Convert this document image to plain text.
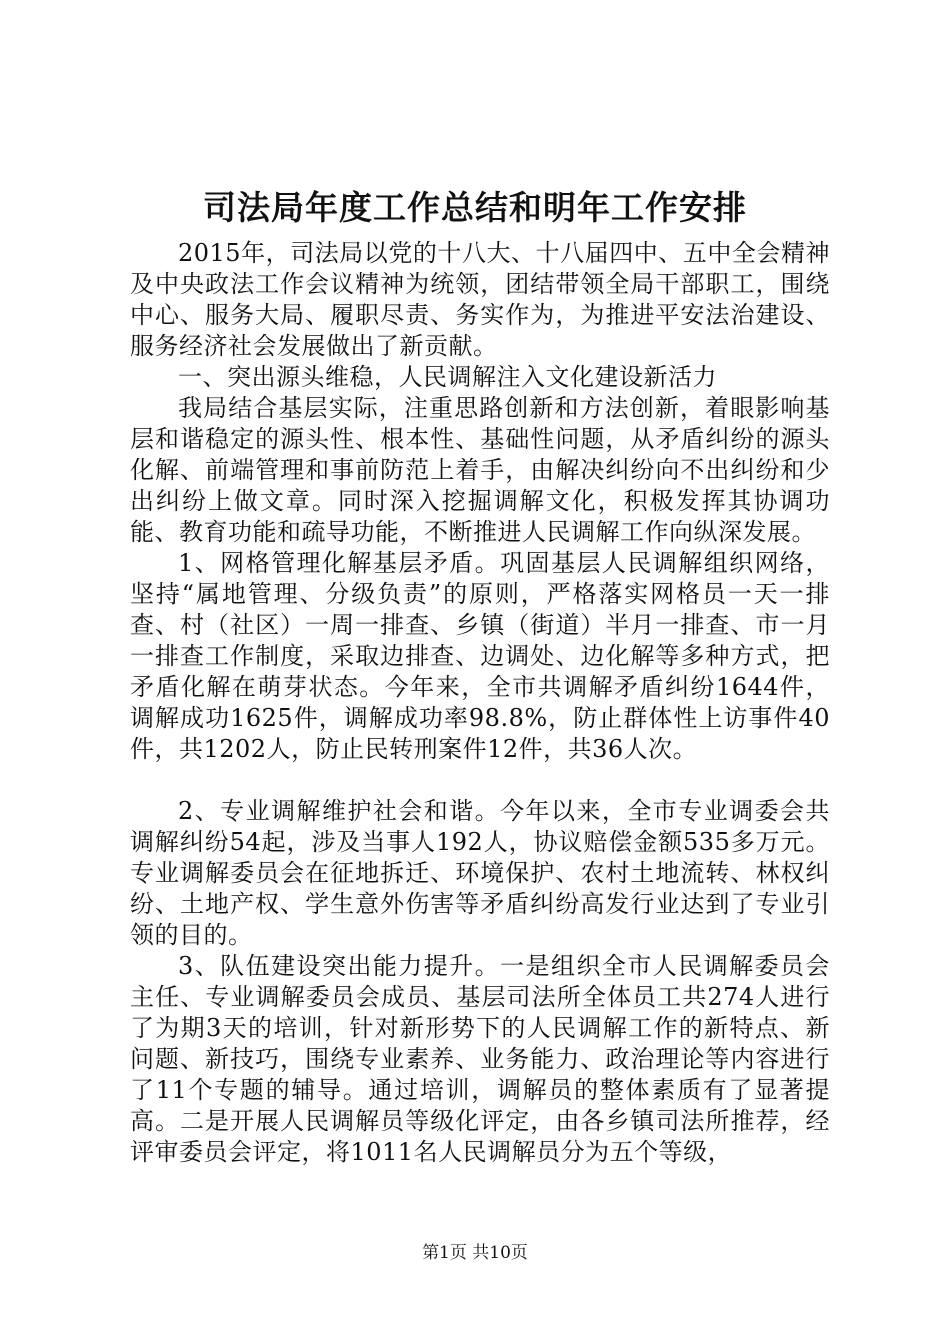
司法局年度工作总结和明年工作安排

2015年，司法局以党的十八大、十八届四中、五中全会精神及中央政法工作会议精神为统领，团结带领全局干部职工，围绕中心、服务大局、履职尽责、务实作为，为推进平安法治建设、服务经济社会发展做出了新贡献。

一、突出源头维稳，人民调解注入文化建设新活力

我局结合基层实际，注重思路创新和方法创新，着眼影响基层和谐稳定的源头性、根本性、基础性问题，从矛盾纠纷的源头化解、前端管理和事前防范上着手，由解决纠纷向不出纠纷和少出纠纷上做文章。同时深入挖掘调解文化，积极发挥其协调功能、教育功能和疏导功能，不断推进人民调解工作向纵深发展。

1、网格管理化解基层矛盾。巩固基层人民调解组织网络，坚持“属地管理、分级负责”的原则，严格落实网格员一天一排查、村（社区）一周一排查、乡镇（街道）半月一排查、市一月一排查工作制度，采取边排查、边调处、边化解等多种方式，把矛盾化解在萌芽状态。今年来，全市共调解矛盾纠纷1644件，调解成功1625件，调解成功率98.8%，防止群体性上访事件40件，共1202人，防止民转刑案件12件，共36人次。

2、专业调解维护社会和谐。今年以来，全市专业调委会共调解纠纷54起，涉及当事人192人，协议赔偿金额535多万元。专业调解委员会在征地拆迁、环境保护、农村土地流转、林权纠纷、土地产权、学生意外伤害等矛盾纠纷高发行业达到了专业引领的目的。

3、队伍建设突出能力提升。一是组织全市人民调解委员会主任、专业调解委员会成员、基层司法所全体员工共274人进行了为期3天的培训，针对新形势下的人民调解工作的新特点、新问题、新技巧，围绕专业素养、业务能力、政治理论等内容进行了11个专题的辅导。通过培训，调解员的整体素质有了显著提高。二是开展人民调解员等级化评定，由各乡镇司法所推荐，经评审委员会评定，将1011名人民调解员分为五个等级，

第1页 共10页
